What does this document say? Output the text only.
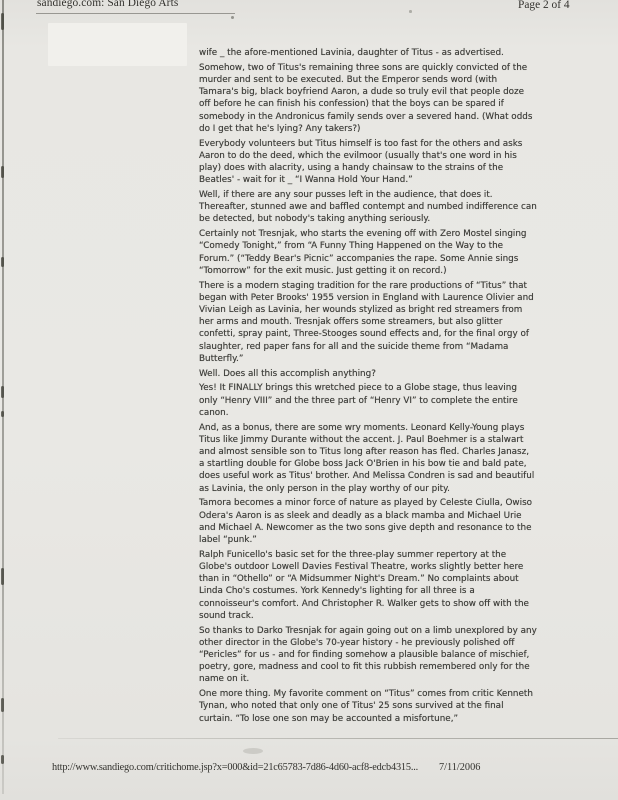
sandiego.com: San Diego Arts	Page 2 of 4

wife _ the afore-mentioned Lavinia, daughter of Titus - as advertised.

Somehow, two of Titus's remaining three sons are quickly convicted of the murder and sent to be executed. But the Emperor sends word (with Tamara's big, black boyfriend Aaron, a dude so truly evil that people doze off before he can finish his confession) that the boys can be spared if somebody in the Andronicus family sends over a severed hand. (What odds do I get that he's lying? Any takers?)

Everybody volunteers but Titus himself is too fast for the others and asks Aaron to do the deed, which the evilmoor (usually that's one word in his play) does with alacrity, using a handy chainsaw to the strains of the Beatles' - wait for it _ “I Wanna Hold Your Hand.”

Well, if there are any sour pusses left in the audience, that does it. Thereafter, stunned awe and baffled contempt and numbed indifference can be detected, but nobody's taking anything seriously.

Certainly not Tresnjak, who starts the evening off with Zero Mostel singing “Comedy Tonight,” from “A Funny Thing Happened on the Way to the Forum.” (“Teddy Bear's Picnic” accompanies the rape. Some Annie sings “Tomorrow” for the exit music. Just getting it on record.)

There is a modern staging tradition for the rare productions of “Titus” that began with Peter Brooks' 1955 version in England with Laurence Olivier and Vivian Leigh as Lavinia, her wounds stylized as bright red streamers from her arms and mouth. Tresnjak offers some streamers, but also glitter confetti, spray paint, Three-Stooges sound effects and, for the final orgy of slaughter, red paper fans for all and the suicide theme from “Madama Butterfly.”

Well. Does all this accomplish anything?

Yes! It FINALLY brings this wretched piece to a Globe stage, thus leaving only “Henry VIII” and the three part of “Henry VI” to complete the entire canon.

And, as a bonus, there are some wry moments. Leonard Kelly-Young plays Titus like Jimmy Durante without the accent. J. Paul Boehmer is a stalwart and almost sensible son to Titus long after reason has fled. Charles Janasz, a startling double for Globe boss Jack O'Brien in his bow tie and bald pate, does useful work as Titus' brother. And Melissa Condren is sad and beautiful as Lavinia, the only person in the play worthy of our pity.

Tamora becomes a minor force of nature as played by Celeste Ciulla, Owiso Odera's Aaron is as sleek and deadly as a black mamba and Michael Urie and Michael A. Newcomer as the two sons give depth and resonance to the label “punk.”

Ralph Funicello's basic set for the three-play summer repertory at the Globe's outdoor Lowell Davies Festival Theatre, works slightly better here than in “Othello” or “A Midsummer Night's Dream.” No complaints about Linda Cho's costumes. York Kennedy's lighting for all three is a connoisseur's comfort. And Christopher R. Walker gets to show off with the sound track.

So thanks to Darko Tresnjak for again going out on a limb unexplored by any other director in the Globe's 70-year history - he previously polished off “Pericles” for us - and for finding somehow a plausible balance of mischief, poetry, gore, madness and cool to fit this rubbish remembered only for the name on it.

One more thing. My favorite comment on “Titus” comes from critic Kenneth Tynan, who noted that only one of Titus' 25 sons survived at the final curtain. “To lose one son may be accounted a misfortune,”

http://www.sandiego.com/critichome.jsp?x=000&id=21c65783-7d86-4d60-acf8-edcb4315... 7/11/2006
